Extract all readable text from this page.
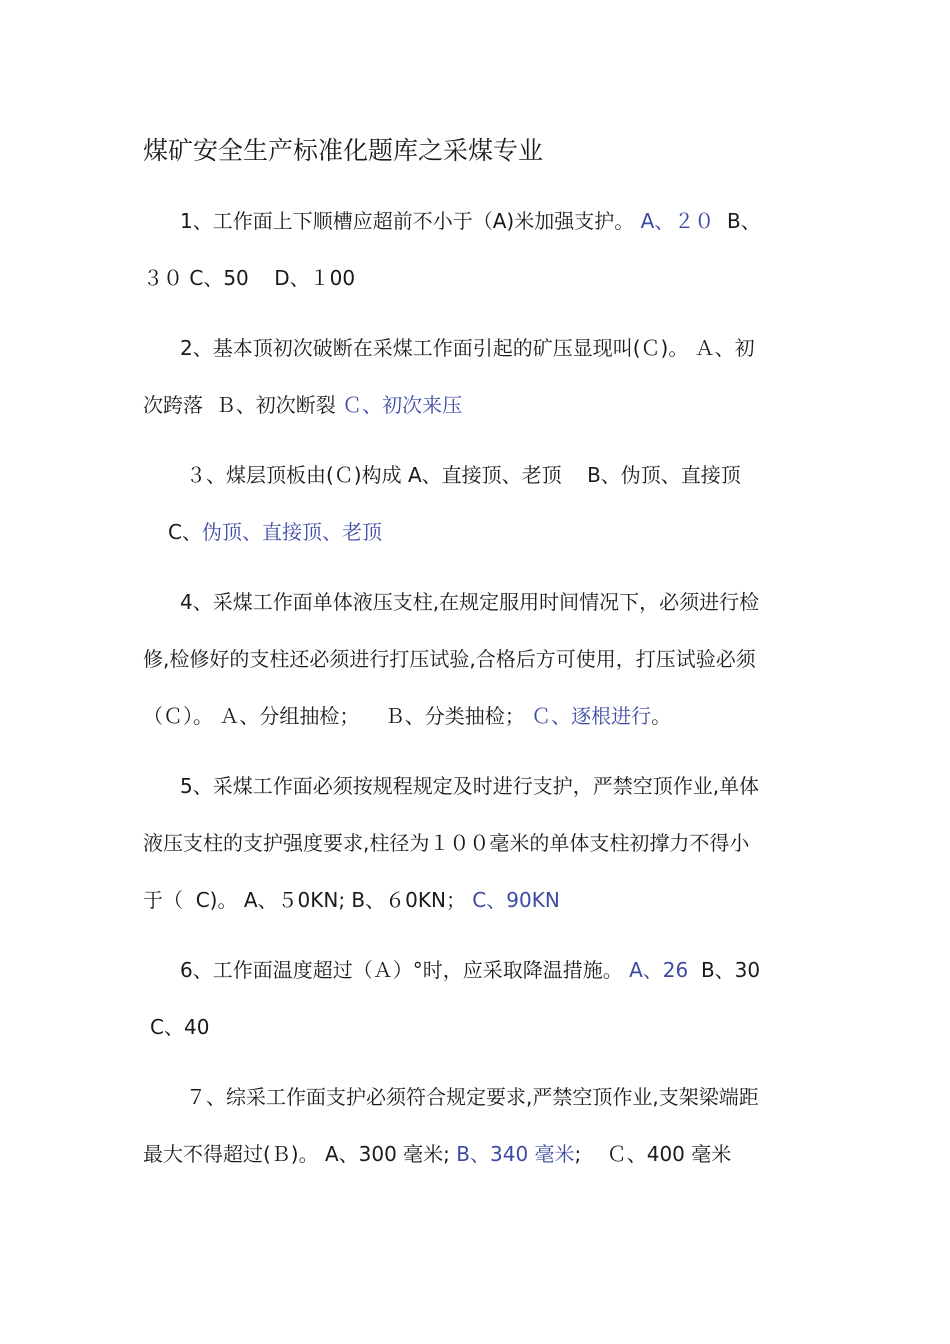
煤矿安全生产标准化题库之采煤专业
1、工作面上下顺槽应超前不小于（A)米加强支护。 A、２０  B、
３０ C、50    D、１00
2、基本顶初次破断在采煤工作面引起的矿压显现叫(Ｃ)。 Ａ、初
次跨落  Ｂ、初次断裂 Ｃ、初次来压
３、煤层顶板由(Ｃ)构成 A、直接顶、老顶    B、伪顶、直接顶
C、伪顶、直接顶、老顶
4、采煤工作面单体液压支柱,在规定服用时间情况下，必须进行检
修,检修好的支柱还必须进行打压试验,合格后方可使用，打压试验必须
（Ｃ）。 Ａ、分组抽检；    Ｂ、分类抽检； Ｃ、逐根进行。
5、采煤工作面必须按规程规定及时进行支护，严禁空顶作业,单体
液压支柱的支护强度要求,柱径为１００毫米的单体支柱初撑力不得小
于（  C)。 A、５0KN; B、６0KN； C、90KN
6、工作面温度超过（Ａ）°时，应采取降温措施。 A、26  B、30
C、40
７、综采工作面支护必须符合规定要求,严禁空顶作业,支架梁端距
最大不得超过(Ｂ)。 A、300 毫米; B、340 毫米;    Ｃ、400 毫米
